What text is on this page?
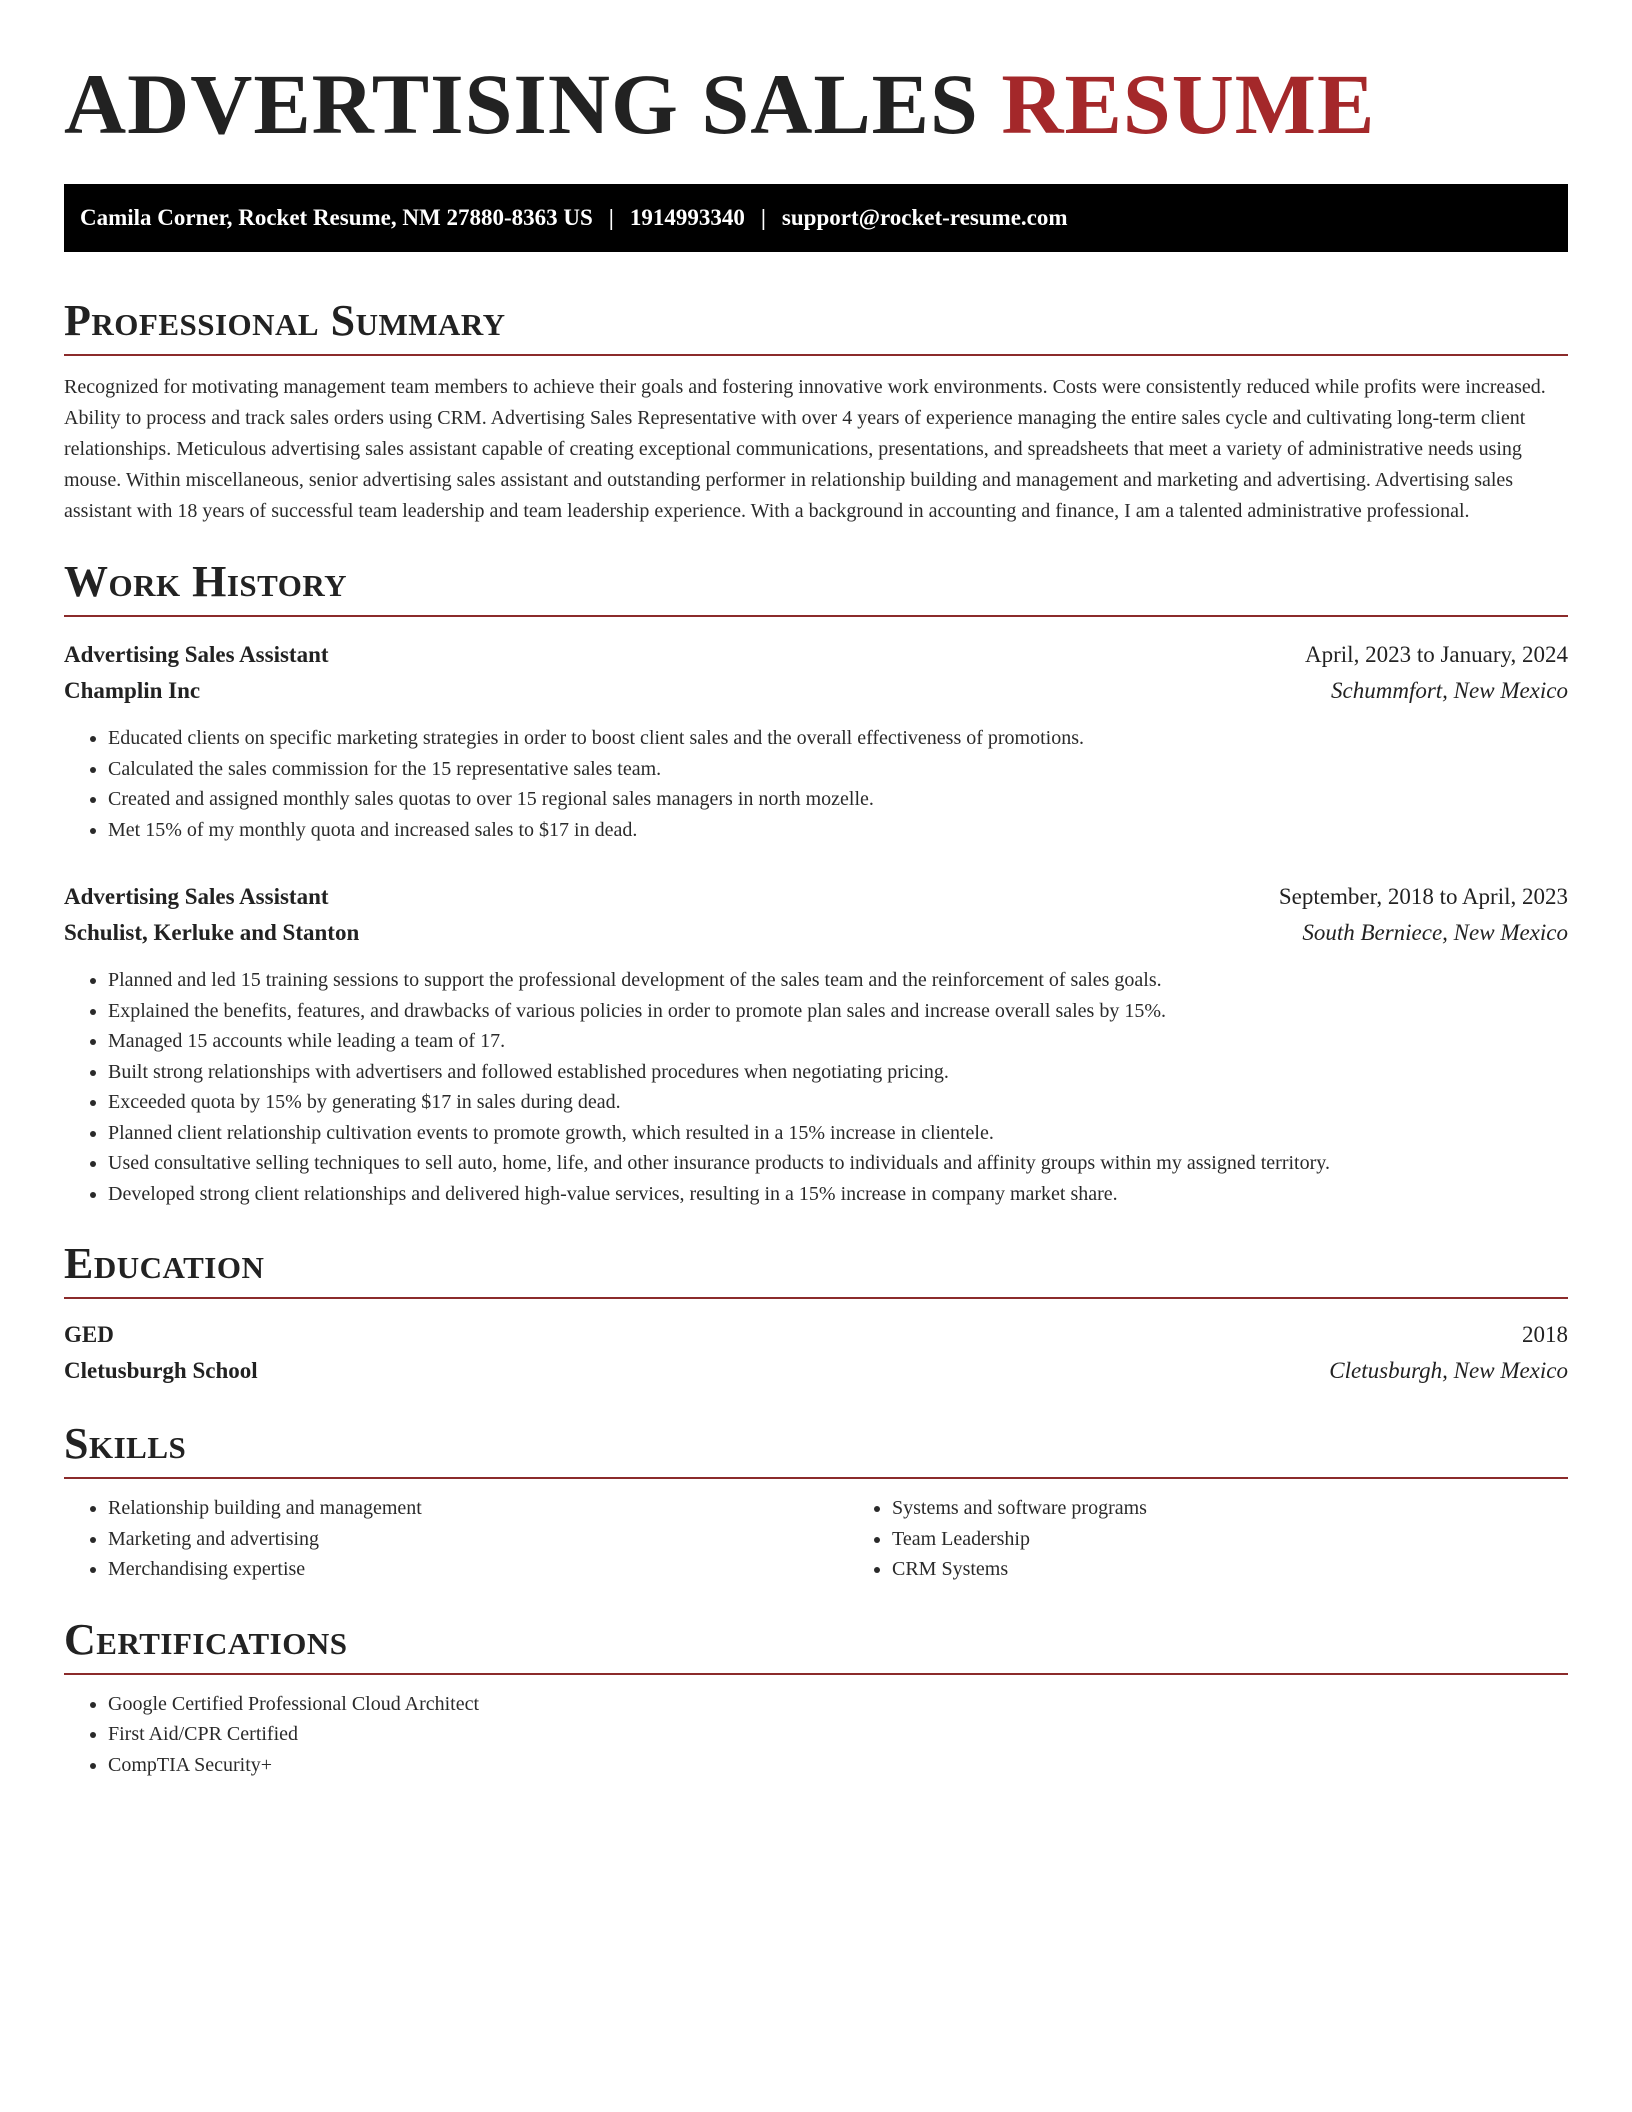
ADVERTISING SALES RESUME
Camila Corner, Rocket Resume, NM 27880-8363 US | 1914993340 | support@rocket-resume.com
Professional Summary

Recognized for motivating management team members to achieve their goals and fostering innovative work environments. Costs were consistently reduced while profits were increased. Ability to process and track sales orders using CRM. Advertising Sales Representative with over 4 years of experience managing the entire sales cycle and cultivating long-term client relationships. Meticulous advertising sales assistant capable of creating exceptional communications, presentations, and spreadsheets that meet a variety of administrative needs using mouse. Within miscellaneous, senior advertising sales assistant and outstanding performer in relationship building and management and marketing and advertising. Advertising sales assistant with 18 years of successful team leadership and team leadership experience. With a background in accounting and finance, I am a talented administrative professional.

Work History
Advertising Sales Assistant	April, 2023 to January, 2024
Champlin Inc	Schummfort, New Mexico
• Educated clients on specific marketing strategies in order to boost client sales and the overall effectiveness of promotions.
• Calculated the sales commission for the 15 representative sales team.
• Created and assigned monthly sales quotas to over 15 regional sales managers in north mozelle.
• Met 15% of my monthly quota and increased sales to $17 in dead.
Advertising Sales Assistant	September, 2018 to April, 2023
Schulist, Kerluke and Stanton	South Berniece, New Mexico
• Planned and led 15 training sessions to support the professional development of the sales team and the reinforcement of sales goals.
• Explained the benefits, features, and drawbacks of various policies in order to promote plan sales and increase overall sales by 15%.
• Managed 15 accounts while leading a team of 17.
• Built strong relationships with advertisers and followed established procedures when negotiating pricing.
• Exceeded quota by 15% by generating $17 in sales during dead.
• Planned client relationship cultivation events to promote growth, which resulted in a 15% increase in clientele.
• Used consultative selling techniques to sell auto, home, life, and other insurance products to individuals and affinity groups within my assigned territory.
• Developed strong client relationships and delivered high-value services, resulting in a 15% increase in company market share.
Education
GED	2018
Cletusburgh School	Cletusburgh, New Mexico
Skills
• Relationship building and management
• Marketing and advertising
• Merchandising expertise
• Systems and software programs
• Team Leadership
• CRM Systems
Certifications
• Google Certified Professional Cloud Architect
• First Aid/CPR Certified
• CompTIA Security+
